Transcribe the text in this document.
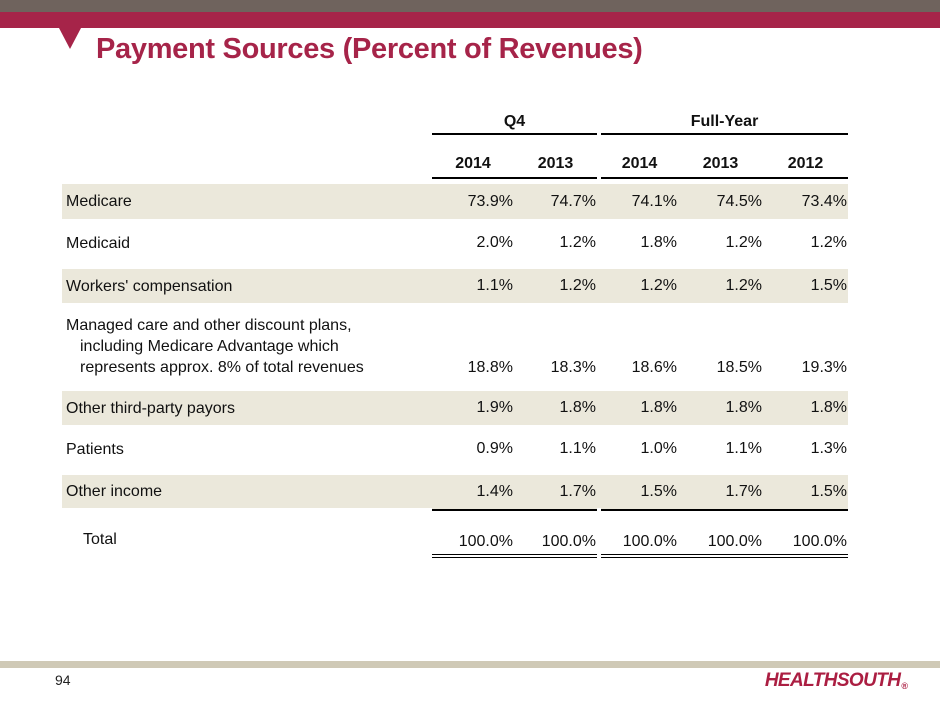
Payment Sources (Percent of Revenues)
	Q4			Full-Year		
	2014	2013		2014	2013	2012

Medicare	73.9%	74.7%		74.1%	74.5%	73.4%

Medicaid	2.0%	1.2%		1.8%	1.2%	1.2%

Workers' compensation	1.1%	1.2%		1.2%	1.2%	1.5%

Managed care and other discount plans,
including Medicare Advantage which
represents approx. 8% of total revenues	18.8%	18.3%		18.6%	18.5%	19.3%

Other third-party payors	1.9%	1.8%		1.8%	1.8%	1.8%

Patients	0.9%	1.1%		1.0%	1.1%	1.3%

Other income	1.4%	1.7%		1.5%	1.7%	1.5%

Total	100.0%	100.0%		100.0%	100.0%	100.0%
94	HEALTHSOUTH®
